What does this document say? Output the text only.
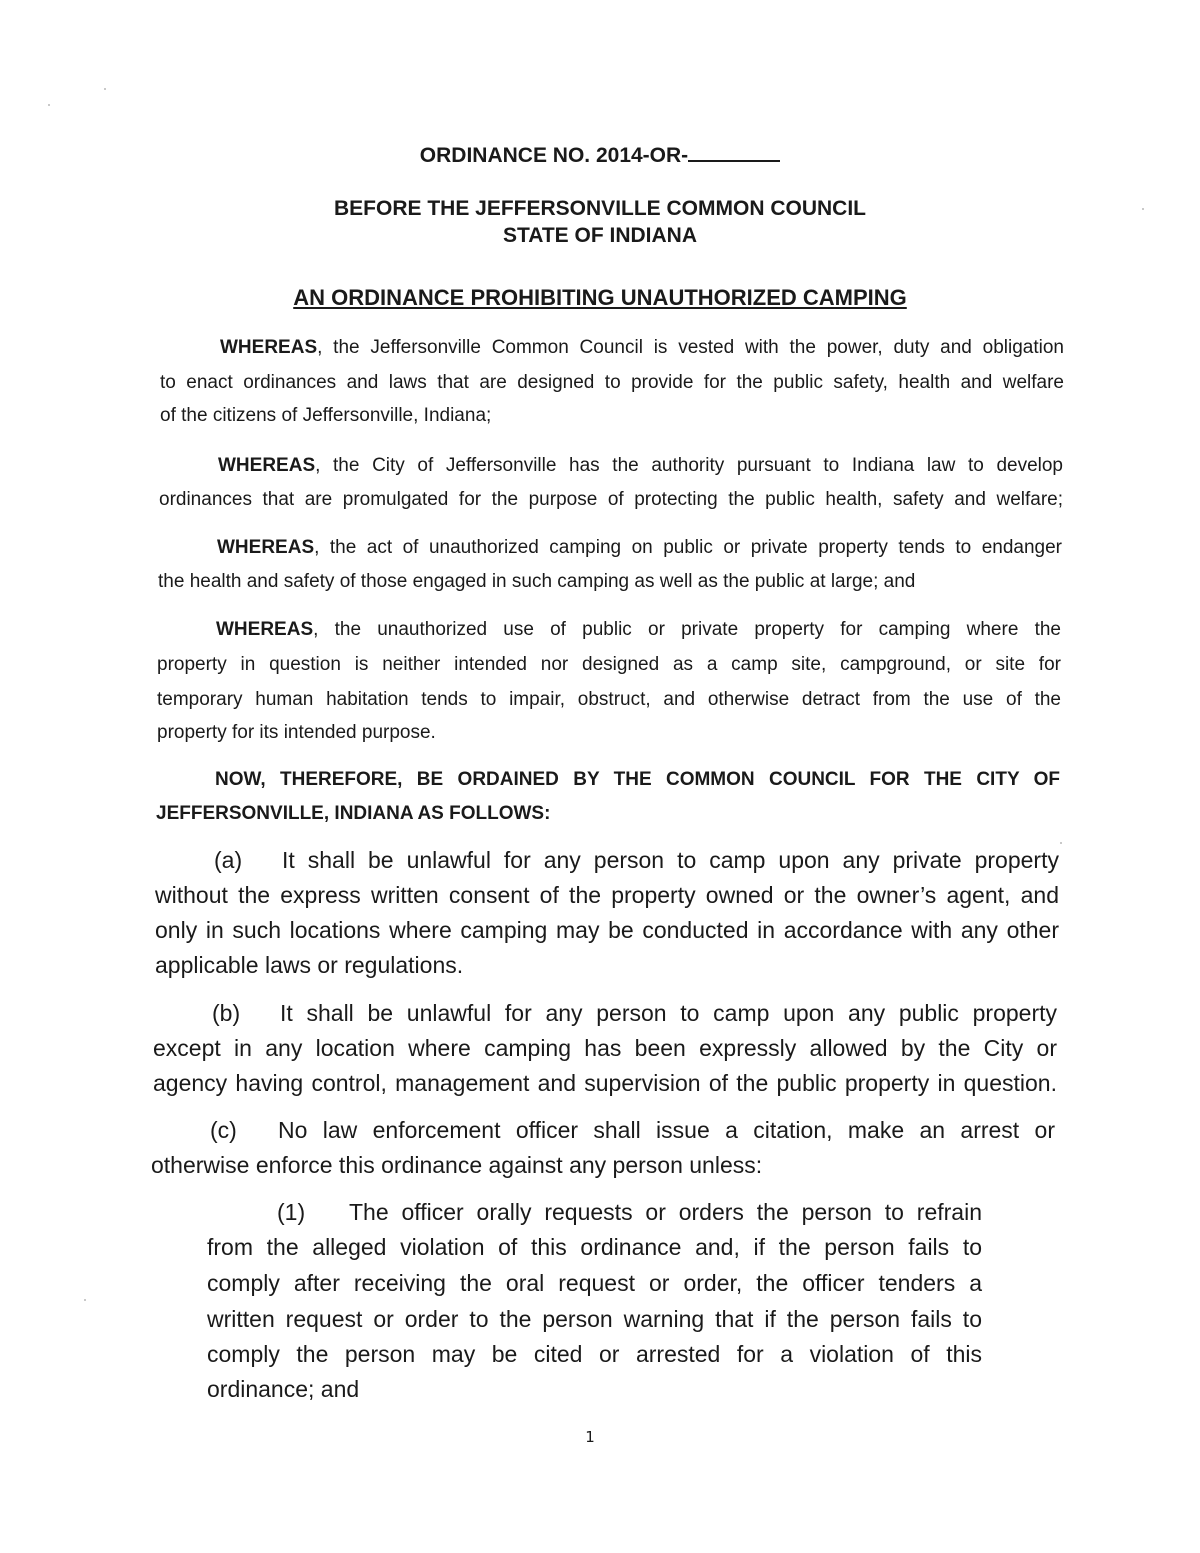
ORDINANCE NO. 2014-OR-
BEFORE THE JEFFERSONVILLE COMMON COUNCIL
STATE OF INDIANA
AN ORDINANCE PROHIBITING UNAUTHORIZED CAMPING
WHEREAS, the Jeffersonville Common Council is vested with the power, duty and obligation
to enact ordinances and laws that are designed to provide for the public safety, health and welfare
of the citizens of Jeffersonville, Indiana;
WHEREAS, the City of Jeffersonville has the authority pursuant to Indiana law to develop
ordinances that are promulgated for the purpose of protecting the public health, safety and welfare;
WHEREAS, the act of unauthorized camping on public or private property tends to endanger
the health and safety of those engaged in such camping as well as the public at large; and
WHEREAS, the unauthorized use of public or private property for camping where the
property in question is neither intended nor designed as a camp site, campground, or site for
temporary human habitation tends to impair, obstruct, and otherwise detract from the use of the
property for its intended purpose.
NOW, THEREFORE, BE ORDAINED BY THE COMMON COUNCIL FOR THE CITY OF
JEFFERSONVILLE, INDIANA AS FOLLOWS:
(a) It shall be unlawful for any person to camp upon any private property
without the express written consent of the property owned or the owner’s agent, and
only in such locations where camping may be conducted in accordance with any other
applicable laws or regulations.
(b) It shall be unlawful for any person to camp upon any public property
except in any location where camping has been expressly allowed by the City or
agency having control, management and supervision of the public property in question.
(c) No law enforcement officer shall issue a citation, make an arrest or
otherwise enforce this ordinance against any person unless:
(1) The officer orally requests or orders the person to refrain
from the alleged violation of this ordinance and, if the person fails to
comply after receiving the oral request or order, the officer tenders a
written request or order to the person warning that if the person fails to
comply the person may be cited or arrested for a violation of this
ordinance; and
1
